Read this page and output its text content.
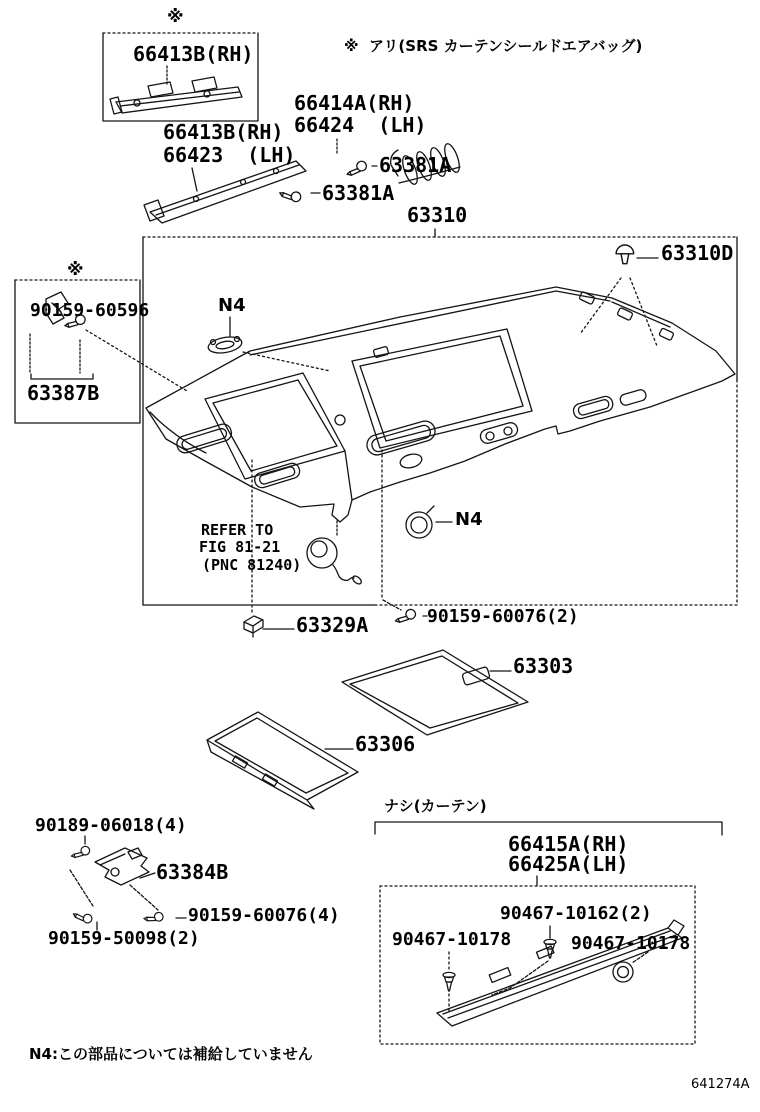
※
※  アリ(SRS カーテンシールドエアバッグ)
66413B(RH)
66413B(RH)
66423  (LH)
66414A(RH)
66424  (LH)
63381A
63381A
63310
63310D
※
90159-60596
63387B
N4
N4
REFER TO
FIG 81-21
(PNC 81240)
63329A	90159-60076(2)
63303
63306
ナシ(カーテン)
66415A(RH)
66425A(LH)
90189-06018(4)
63384B
90159-60076(4)
90159-50098(2)
90467-10162(2)
90467-10178	90467-10178
N4:この部品については補給していません
641274A
